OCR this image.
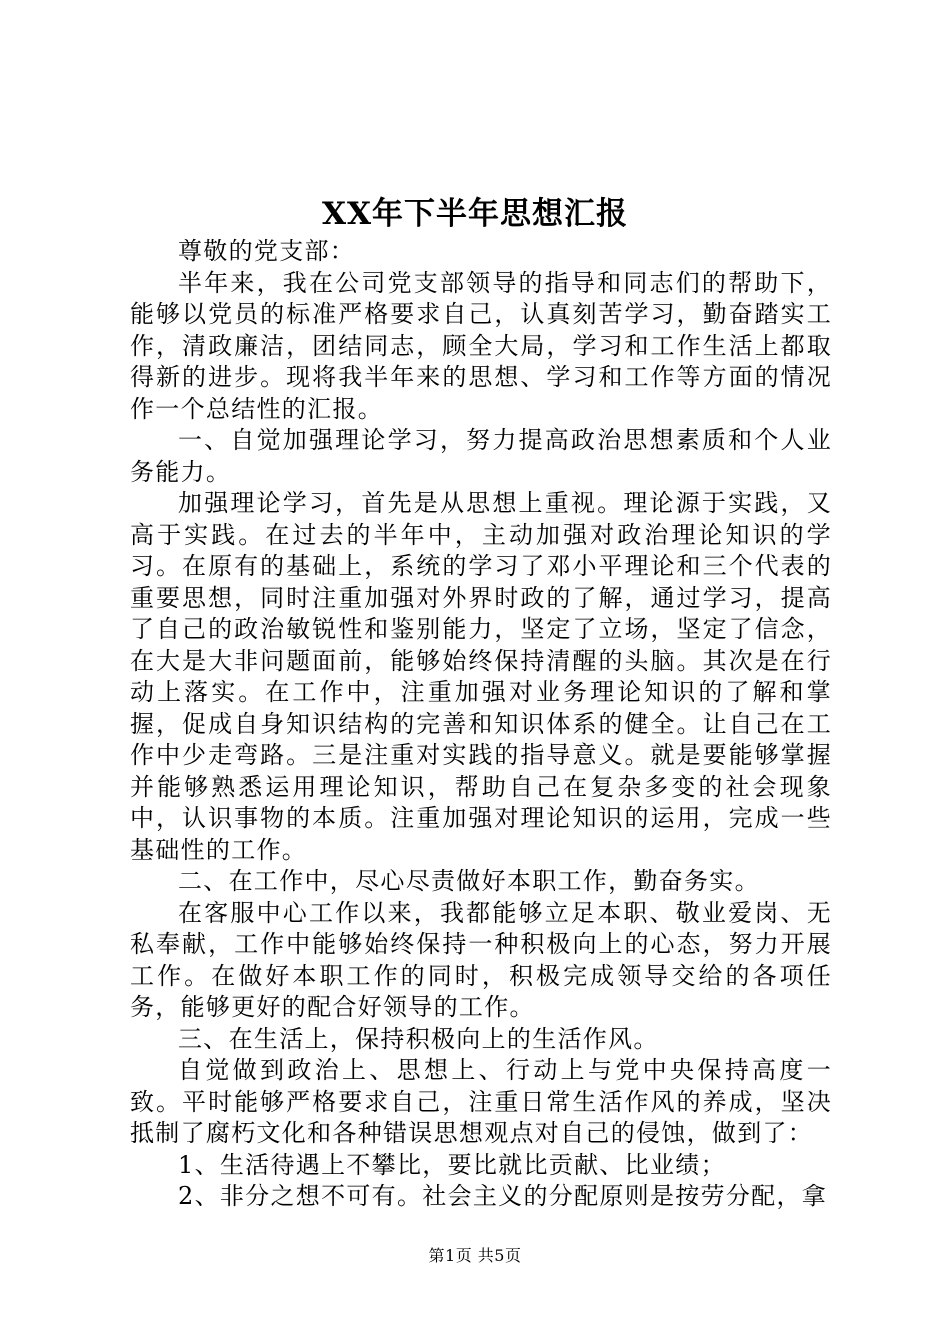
XX年下半年思想汇报

尊敬的党支部：

半年来，我在公司党支部领导的指导和同志们的帮助下，能够以党员的标准严格要求自己，认真刻苦学习，勤奋踏实工作，清政廉洁，团结同志，顾全大局，学习和工作生活上都取得新的进步。现将我半年来的思想、学习和工作等方面的情况作一个总结性的汇报。

一、自觉加强理论学习，努力提高政治思想素质和个人业务能力。

加强理论学习，首先是从思想上重视。理论源于实践，又高于实践。在过去的半年中，主动加强对政治理论知识的学习。在原有的基础上，系统的学习了邓小平理论和三个代表的重要思想，同时注重加强对外界时政的了解，通过学习，提高了自己的政治敏锐性和鉴别能力，坚定了立场，坚定了信念，在大是大非问题面前，能够始终保持清醒的头脑。其次是在行动上落实。在工作中，注重加强对业务理论知识的了解和掌握，促成自身知识结构的完善和知识体系的健全。让自己在工作中少走弯路。三是注重对实践的指导意义。就是要能够掌握并能够熟悉运用理论知识，帮助自己在复杂多变的社会现象中，认识事物的本质。注重加强对理论知识的运用，完成一些基础性的工作。

二、在工作中，尽心尽责做好本职工作，勤奋务实。

在客服中心工作以来，我都能够立足本职、敬业爱岗、无私奉献，工作中能够始终保持一种积极向上的心态，努力开展工作。在做好本职工作的同时，积极完成领导交给的各项任务，能够更好的配合好领导的工作。

三、在生活上，保持积极向上的生活作风。

自觉做到政治上、思想上、行动上与党中央保持高度一致。平时能够严格要求自己，注重日常生活作风的养成，坚决抵制了腐朽文化和各种错误思想观点对自己的侵蚀，做到了：

1、生活待遇上不攀比，要比就比贡献、比业绩；

2、非分之想不可有。社会主义的分配原则是按劳分配，拿

第1页 共5页
